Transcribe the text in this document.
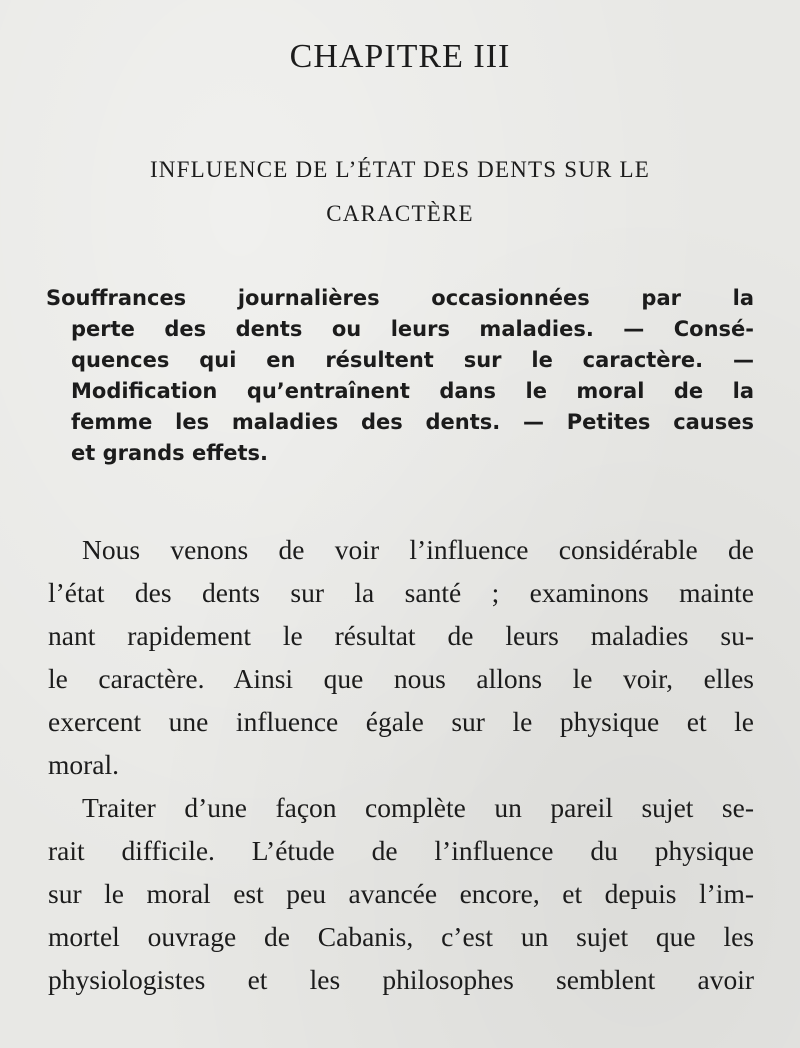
CHAPITRE III
INFLUENCE DE L’ÉTAT DES DENTS SUR LE
CARACTÈRE
Souffrances journalières occasionnées par la
perte des dents ou leurs maladies. — Consé-
quences qui en résultent sur le caractère. —
Modification qu’entraînent dans le moral de la
femme les maladies des dents. — Petites causes
et grands effets.
Nous venons de voir l’influence considérable de
l’état des dents sur la santé ; examinons mainte
nant rapidement le résultat de leurs maladies su-
le caractère. Ainsi que nous allons le voir, elles
exercent une influence égale sur le physique et le
moral.
Traiter d’une façon complète un pareil sujet se-
rait difficile. L’étude de l’influence du physique
sur le moral est peu avancée encore, et depuis l’im-
mortel ouvrage de Cabanis, c’est un sujet que les
physiologistes et les philosophes semblent avoir
